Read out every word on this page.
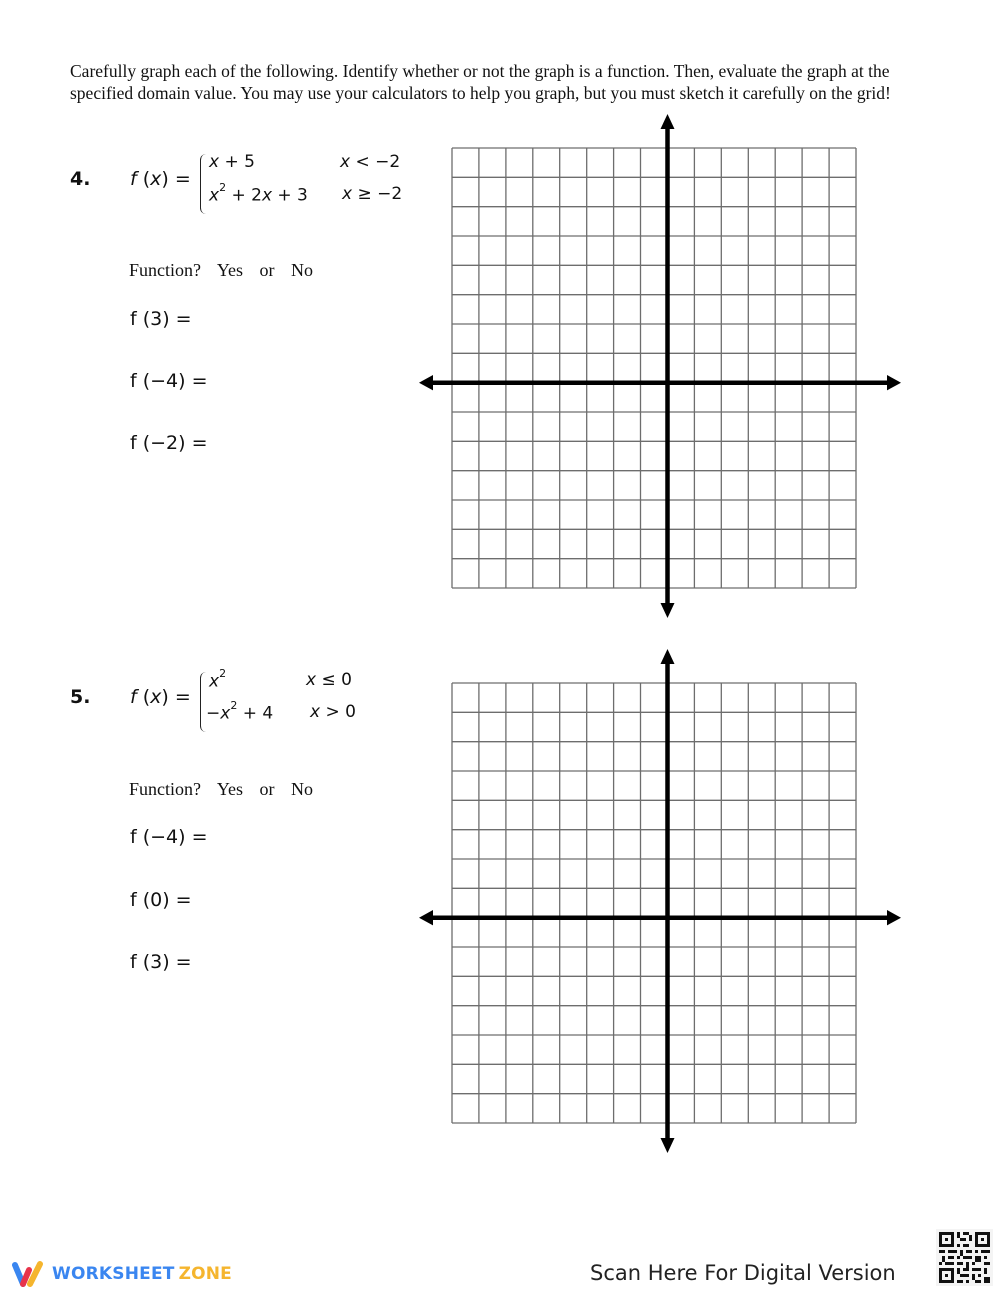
Carefully graph each of the following. Identify whether or not the graph is a function. Then, evaluate the graph at the specified domain value. You may use your calculators to help you graph, but you must sketch it carefully on the grid!
4. f (x) =
x + 5	x < −2
$x^2 + 2x + 3$ x ≥ −2
Function? Yes or No
f (3) =
f (−4) =
f (−2) =
5. f (x) =
$x^2$	x ≤ 0
$-x^2 + 4$ x > 0
Function? Yes or No
f (−4) =
f (0) =
f (3) =
WORKSHEET ZONE	Scan Here For Digital Version
